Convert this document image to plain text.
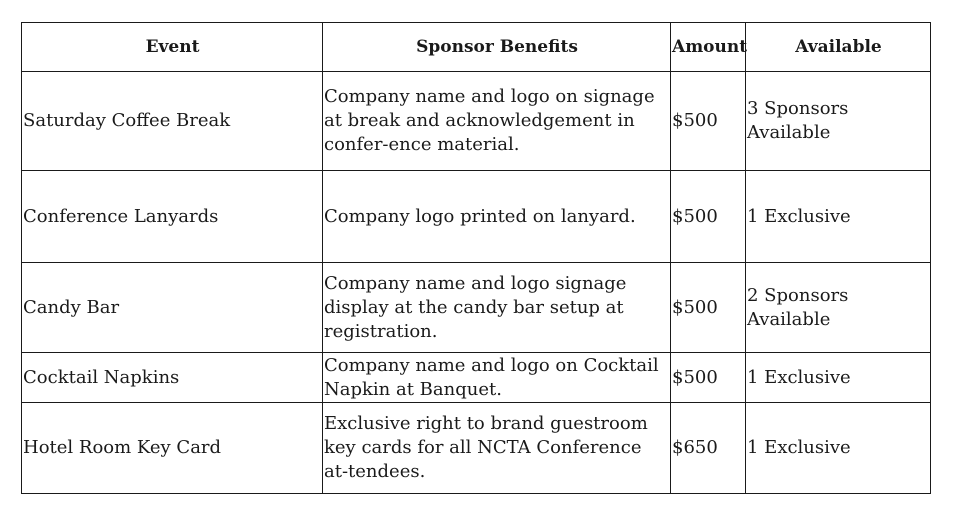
Event	Sponsor Benefits	Amount	Available
Saturday Coffee Break	Company name and logo on signage at break and acknowledgement in confer-ence material.	$500	3 Sponsors Available
Conference Lanyards	Company logo printed on lanyard.	$500	1 Exclusive
Candy Bar	Company name and logo signage display at the candy bar setup at registration.	$500	2 Sponsors Available
Cocktail Napkins	Company name and logo on Cocktail Napkin at Banquet.	$500	1 Exclusive
Hotel Room Key Card	Exclusive right to brand guestroom key cards for all NCTA Conference at-tendees.	$650	1 Exclusive
